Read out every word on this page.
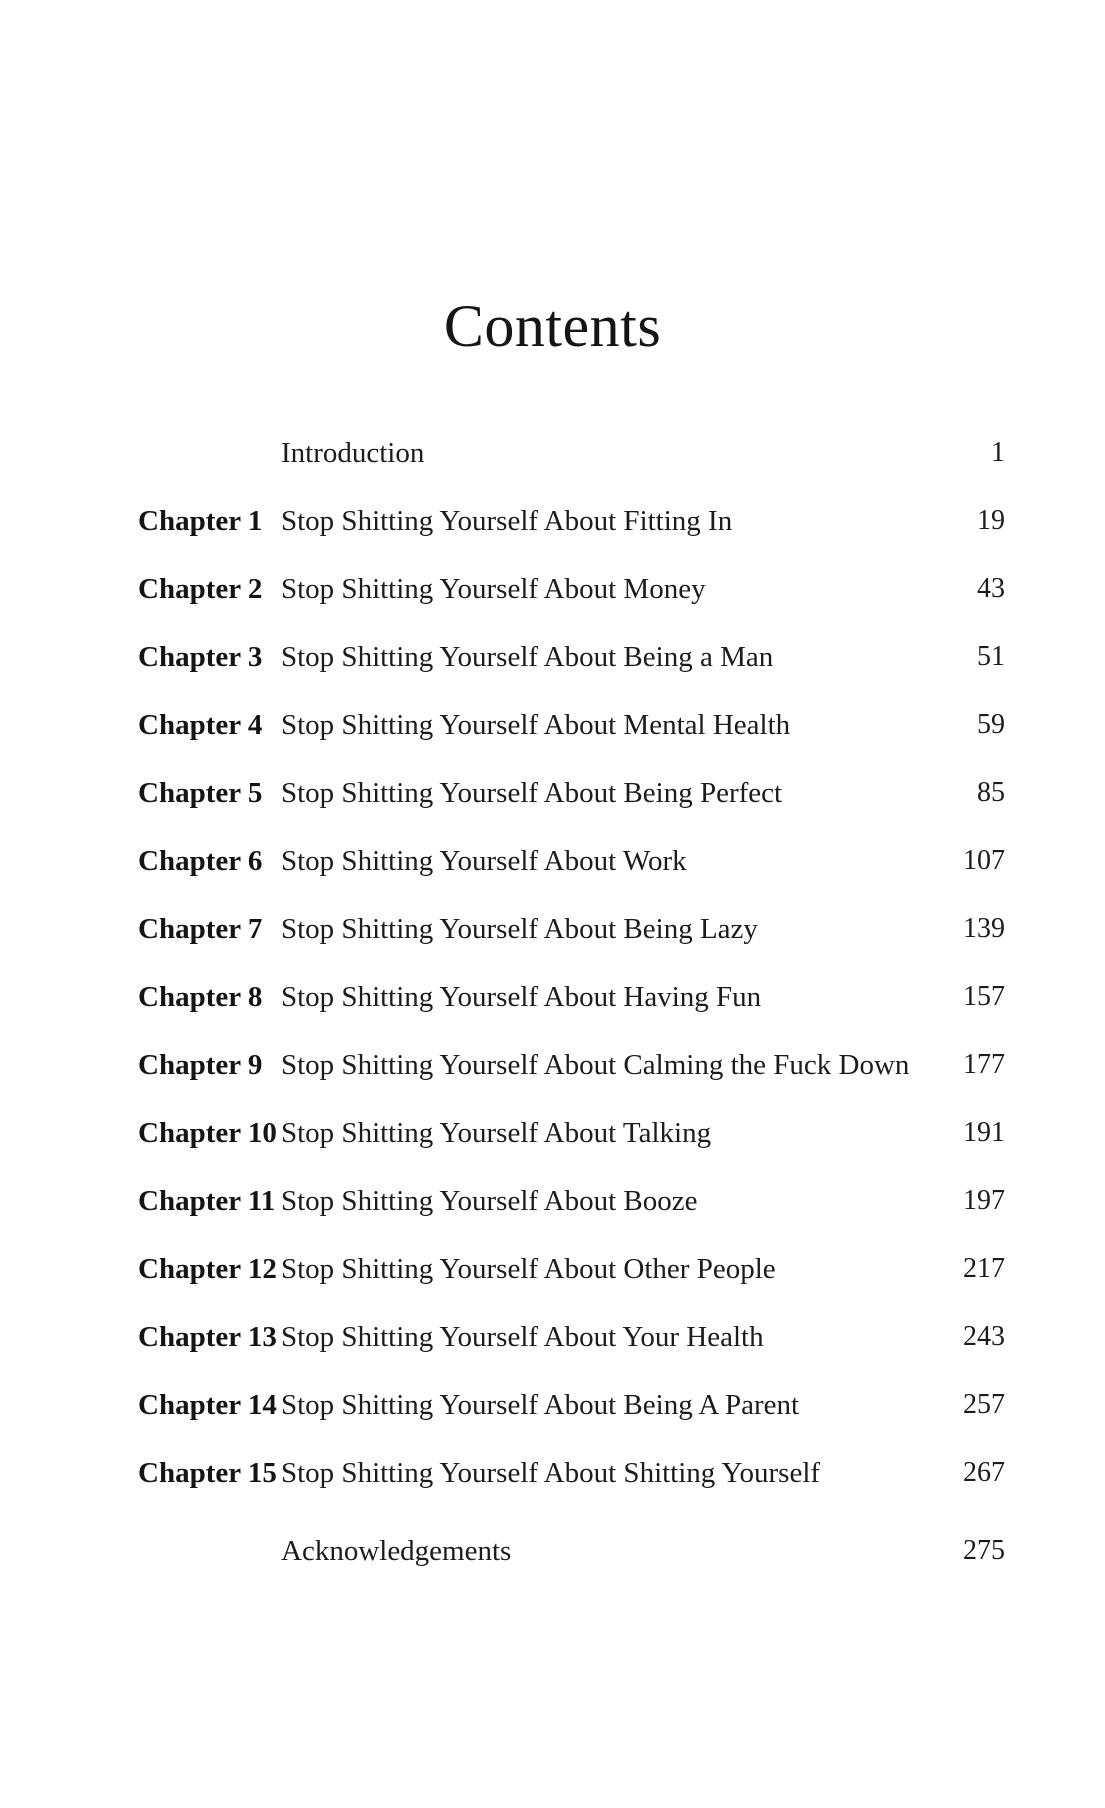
Contents
Introduction	1
Chapter 1 Stop Shitting Yourself About Fitting In	19
Chapter 2 Stop Shitting Yourself About Money	43
Chapter 3 Stop Shitting Yourself About Being a Man	51
Chapter 4 Stop Shitting Yourself About Mental Health	59
Chapter 5 Stop Shitting Yourself About Being Perfect	85
Chapter 6 Stop Shitting Yourself About Work	107
Chapter 7 Stop Shitting Yourself About Being Lazy	139
Chapter 8 Stop Shitting Yourself About Having Fun	157
Chapter 9 Stop Shitting Yourself About Calming the Fuck Down 177
Chapter 10 Stop Shitting Yourself About Talking	191
Chapter 11 Stop Shitting Yourself About Booze	197
Chapter 12 Stop Shitting Yourself About Other People	217
Chapter 13 Stop Shitting Yourself About Your Health	243
Chapter 14 Stop Shitting Yourself About Being A Parent	257
Chapter 15 Stop Shitting Yourself About Shitting Yourself	267
Acknowledgements	275
